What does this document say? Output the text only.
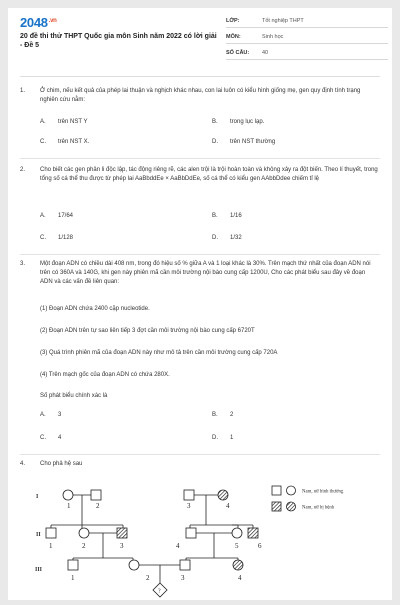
$2048^{.vn}$
20 đề thi thử THPT Quốc gia môn Sinh năm 2022 có lời giải - Đề 5
LỚP:	Tốt nghiệp THPT
MÔN:	Sinh học
SỐ CÂU: 40
1.	Ở chim, nếu kết quả của phép lai thuận và nghịch khác nhau, con lai luôn có kiểu hình giống mẹ, gen quy định tính trạng nghiên cứu nằm:
A. trên NST Y	B. trong lục lạp.
C. trên NST X.	D. trên NST thường
2.	Cho biết các gen phân li độc lập, tác động riêng rẽ, các alen trội là trội hoàn toàn và không xảy ra đột biến. Theo lí thuyết, trong tổng số cá thể thu được từ phép lai AaBbddEe × AaBbDdEe, số cá thể có kiểu gen AAbbDdee chiếm tỉ lệ
A. 17/64	B. 1/16
C. 1/128	D. 1/32
3.	Một đoạn ADN có chiều dài 408 nm, trong đó hiệu số % giữa A và 1 loại khác là 30%. Trên mạch thứ nhất của đoạn ADN nói trên có 360A và 140G, khi gen này phiên mã cần môi trường nội bào cung cấp 1200U, Cho các phát biểu sau đây về đoạn ADN và các vấn đề liên quan:
(1) Đoạn ADN chứa 2400 cặp nucleotide.
(2) Đoạn ADN trên tự sao liên tiếp 3 đợt cần môi trường nội bào cung cấp 6720T
(3) Quá trình phiên mã của đoạn ADN này như mô tả trên cần môi trường cung cấp 720A
(4) Trên mạch gốc của đoạn ADN có chứa 280X.
Số phát biểu chính xác là
A. 3	B. 2
C. 4	D. 1
4.	Cho phả hệ sau
I
II
III
1	2	3	4
1	2	3	4	5	6
1	2	3	4
?
Nam, nữ bình thường
Nam, nữ bị bệnh
